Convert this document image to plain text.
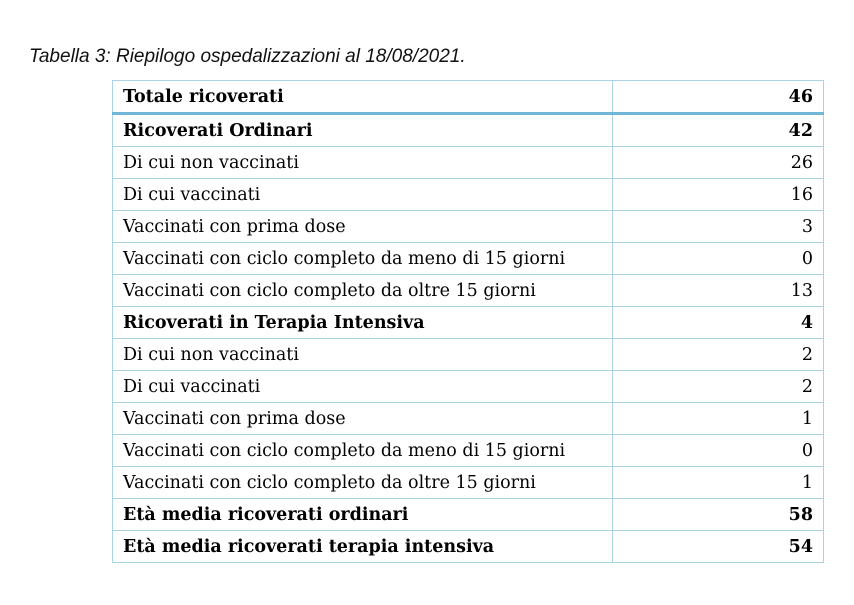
Tabella 3: Riepilogo ospedalizzazioni al 18/08/2021.
Totale ricoverati	46
Ricoverati Ordinari	42
Di cui non vaccinati	26
Di cui vaccinati	16
Vaccinati con prima dose	3
Vaccinati con ciclo completo da meno di 15 giorni	0
Vaccinati con ciclo completo da oltre 15 giorni	13
Ricoverati in Terapia Intensiva	4
Di cui non vaccinati	2
Di cui vaccinati	2
Vaccinati con prima dose	1
Vaccinati con ciclo completo da meno di 15 giorni	0
Vaccinati con ciclo completo da oltre 15 giorni	1
Età media ricoverati ordinari	58
Età media ricoverati terapia intensiva	54
